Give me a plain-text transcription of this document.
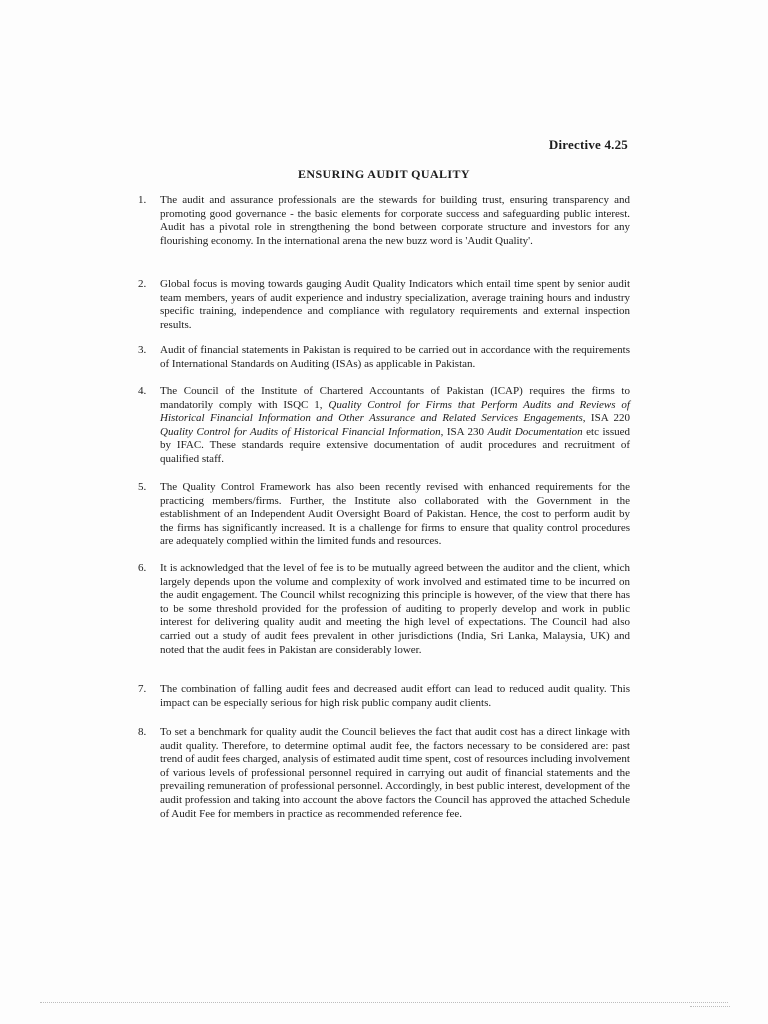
Directive 4.25
ENSURING AUDIT QUALITY
1. The audit and assurance professionals are the stewards for building trust, ensuring transparency and promoting good governance - the basic elements for corporate success and safeguarding public interest. Audit has a pivotal role in strengthening the bond between corporate structure and investors for any flourishing economy. In the international arena the new buzz word is 'Audit Quality'.
2. Global focus is moving towards gauging Audit Quality Indicators which entail time spent by senior audit team members, years of audit experience and industry specialization, average training hours and industry specific training, independence and compliance with regulatory requirements and external inspection results.
3. Audit of financial statements in Pakistan is required to be carried out in accordance with the requirements of International Standards on Auditing (ISAs) as applicable in Pakistan.
4. The Council of the Institute of Chartered Accountants of Pakistan (ICAP) requires the firms to mandatorily comply with ISQC 1, Quality Control for Firms that Perform Audits and Reviews of Historical Financial Information and Other Assurance and Related Services Engagements, ISA 220 Quality Control for Audits of Historical Financial Information, ISA 230 Audit Documentation etc issued by IFAC. These standards require extensive documentation of audit procedures and recruitment of qualified staff.
5. The Quality Control Framework has also been recently revised with enhanced requirements for the practicing members/firms. Further, the Institute also collaborated with the Government in the establishment of an Independent Audit Oversight Board of Pakistan. Hence, the cost to perform audit by the firms has significantly increased. It is a challenge for firms to ensure that quality control procedures are adequately complied within the limited funds and resources.
6. It is acknowledged that the level of fee is to be mutually agreed between the auditor and the client, which largely depends upon the volume and complexity of work involved and estimated time to be incurred on the audit engagement. The Council whilst recognizing this principle is however, of the view that there has to be some threshold provided for the profession of auditing to properly develop and work in public interest for delivering quality audit and meeting the high level of expectations. The Council had also carried out a study of audit fees prevalent in other jurisdictions (India, Sri Lanka, Malaysia, UK) and noted that the audit fees in Pakistan are considerably lower.
7. The combination of falling audit fees and decreased audit effort can lead to reduced audit quality. This impact can be especially serious for high risk public company audit clients.
8. To set a benchmark for quality audit the Council believes the fact that audit cost has a direct linkage with audit quality. Therefore, to determine optimal audit fee, the factors necessary to be considered are: past trend of audit fees charged, analysis of estimated audit time spent, cost of resources including involvement of various levels of professional personnel required in carrying out audit of financial statements and the prevailing remuneration of professional personnel. Accordingly, in best public interest, development of the audit profession and taking into account the above factors the Council has approved the attached Schedule of Audit Fee for members in practice as recommended reference fee.
